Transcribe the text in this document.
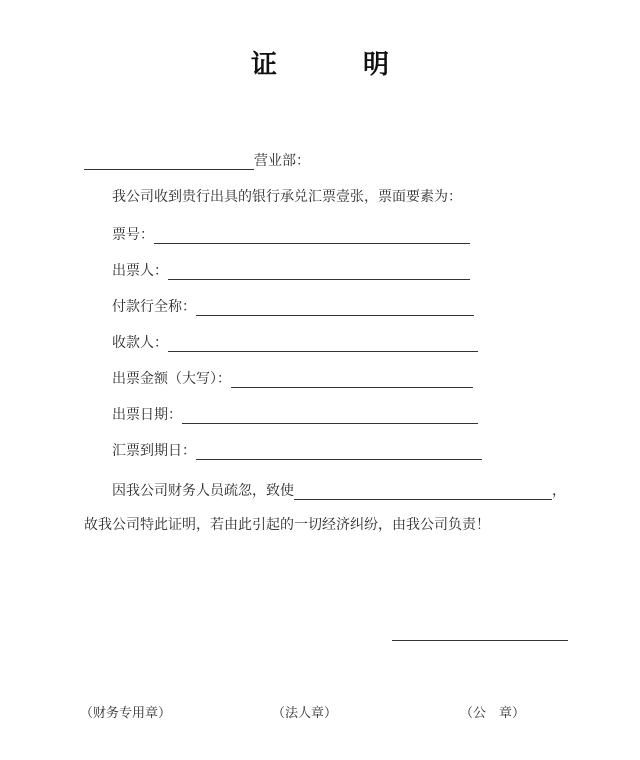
证　明
营业部：
我公司收到贵行出具的银行承兑汇票壹张，票面要素为：
票号：
出票人：
付款行全称：
收款人：
出票金额（大写）：
出票日期：
汇票到期日：
因我公司财务人员疏忽，致使	，
故我公司特此证明，若由此引起的一切经济纠纷，由我公司负责！
（财务专用章）	（法人章）	（公　章）
